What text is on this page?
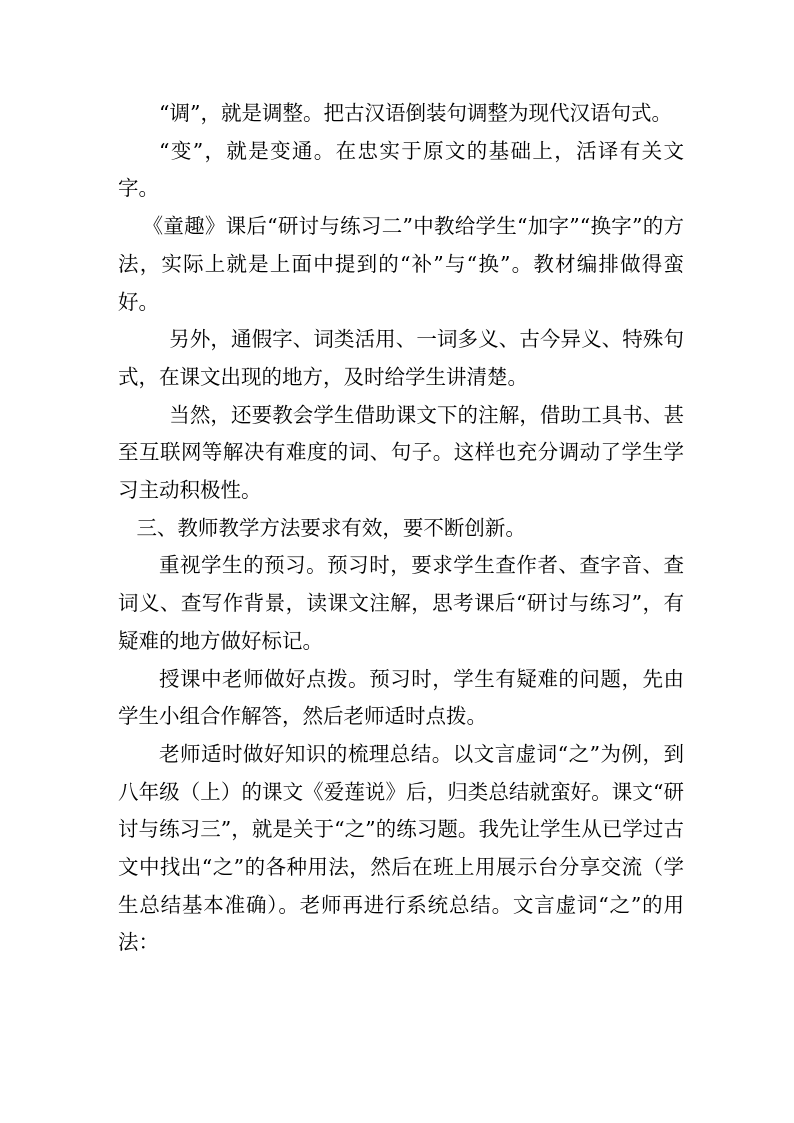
“调”，就是调整。把古汉语倒装句调整为现代汉语句式。

“变”，就是变通。在忠实于原文的基础上，活译有关文字。

《童趣》课后“研讨与练习二”中教给学生“加字”“换字”的方法，实际上就是上面中提到的“补”与“换”。教材编排做得蛮好。

另外，通假字、词类活用、一词多义、古今异义、特殊句式，在课文出现的地方，及时给学生讲清楚。

当然，还要教会学生借助课文下的注解，借助工具书、甚至互联网等解决有难度的词、句子。这样也充分调动了学生学习主动积极性。

三、教师教学方法要求有效，要不断创新。

重视学生的预习。预习时，要求学生查作者、查字音、查词义、查写作背景，读课文注解，思考课后“研讨与练习”，有疑难的地方做好标记。

授课中老师做好点拨。预习时，学生有疑难的问题，先由学生小组合作解答，然后老师适时点拨。

老师适时做好知识的梳理总结。以文言虚词“之”为例，到八年级（上）的课文《爱莲说》后，归类总结就蛮好。课文“研讨与练习三”，就是关于“之”的练习题。我先让学生从已学过古文中找出“之”的各种用法，然后在班上用展示台分享交流（学生总结基本准确）。老师再进行系统总结。文言虚词“之”的用法：
